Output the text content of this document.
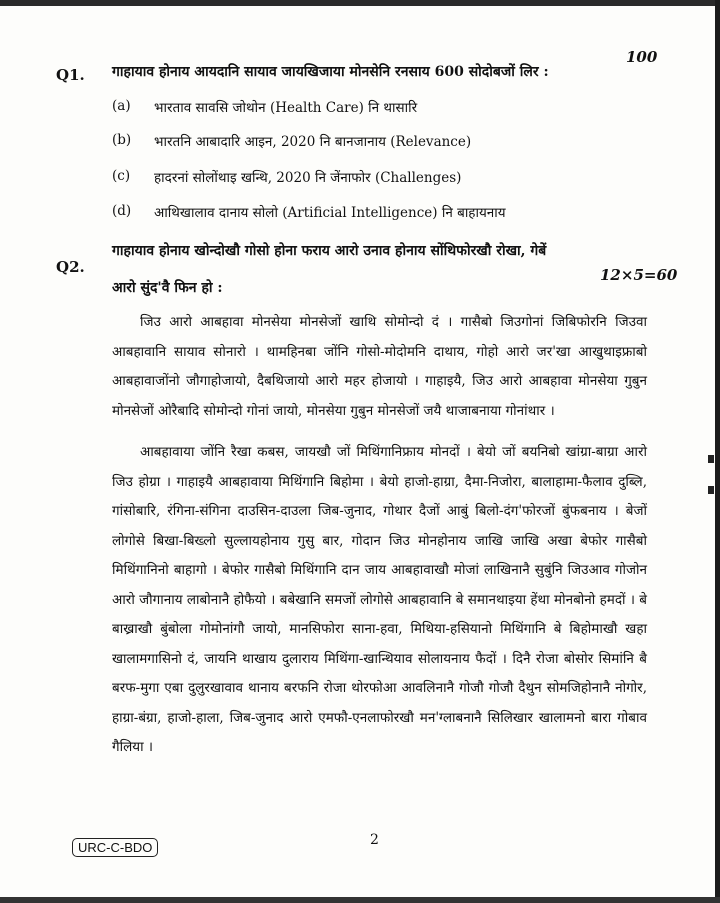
Q1. गाहायाव होनाय आयदानि सायाव जायखिजाया मोनसेनि रनसाय 600 सोदोबजों लिर :
100
(a) भारताव सावसि जोथोन (Health Care) नि थासारि
(b) भारतनि आबादारि आइन, 2020 नि बानजानाय (Relevance)
(c) हादरनां सोलोंथाइ खन्थि, 2020 नि जेंनाफोर (Challenges)
(d) आथिखालाव दानाय सोलो (Artificial Intelligence) नि बाहायनाय
Q2.
गाहायाव होनाय खोन्दोखौ गोसो होना फराय आरो उनाव होनाय सोंथिफोरखौ रोखा, गेबें
12×5=60
आरो सुंद'वै फिन हो :

जिउ आरो आबहावा मोनसेया मोनसेजों खाथि सोमोन्दो दं । गासैबो जिउगोनां जिबिफोरनि जिउवा आबहावानि सायाव सोनारो । थामहिनबा जोंनि गोसो-मोदोमनि दाथाय, गोहो आरो जर'खा आखुथाइफ्राबो आबहावाजोंनो जौगाहोजायो, दैबथिजायो आरो महर होजायो । गाहाइयै, जिउ आरो आबहावा मोनसेया गुबुन मोनसेजों ओरैबादि सोमोन्दो गोनां जायो, मोनसेया गुबुन मोनसेजों जयै थाजाबनाया गोनांथार ।

आबहावाया जोंनि रैखा कबस, जायखौ जों मिथिंगानिफ्राय मोनदों । बेयो जों बयनिबो खांग्रा-बाग्रा आरो जिउ होग्रा । गाहाइयै आबहावाया मिथिंगानि बिहोमा । बेयो हाजो-हाग्रा, दैमा-निजोरा, बालाहामा-फैलाव दुब्लि, गांसोबारि, रंगिना-संगिना दाउसिन-दाउला जिब-जुनाद, गोथार दैजों आबुं बिलो-दंग'फोरजों बुंफबनाय । बेजों लोगोसे बिखा-बिख्लो सुल्लायहोनाय गुसु बार, गोदान जिउ मोनहोनाय जाखि जाखि अखा बेफोर गासैबो मिथिंगानिनो बाहागो । बेफोर गासैबो मिथिंगानि दान जाय आबहावाखौ मोजां लाखिनानै सुबुंनि जिउआव गोजोन आरो जौगानाय लाबोनानै होफैयो । बबेखानि समजों लोगोसे आबहावानि बे समानथाइया हेंथा मोनबोनो हमदों । बे बाख्राखौ बुंबोला गोमोनांगौ जायो, मानसिफोरा साना-हवा, मिथिया-हसियानो मिथिंगानि बे बिहोमाखौ खहा खालामगासिनो दं, जायनि थाखाय दुलाराय मिथिंगा-खान्थियाव सोलायनाय फैदों । दिनै रोजा बोसोर सिमांनि बै बरफ-मुगा एबा दुलुरखावाव थानाय बरफनि रोजा थोरफोआ आवलिनानै गोजौ गोजौ दैथुन सोमजिहोनानै नोगोर, हाग्रा-बंग्रा, हाजो-हाला, जिब-जुनाद आरो एमफौ-एनलाफोरखौ मन'ग्लाबनानै सिलिखार खालामनो बारा गोबाव गैलिया ।

URC-C-BDO	2
